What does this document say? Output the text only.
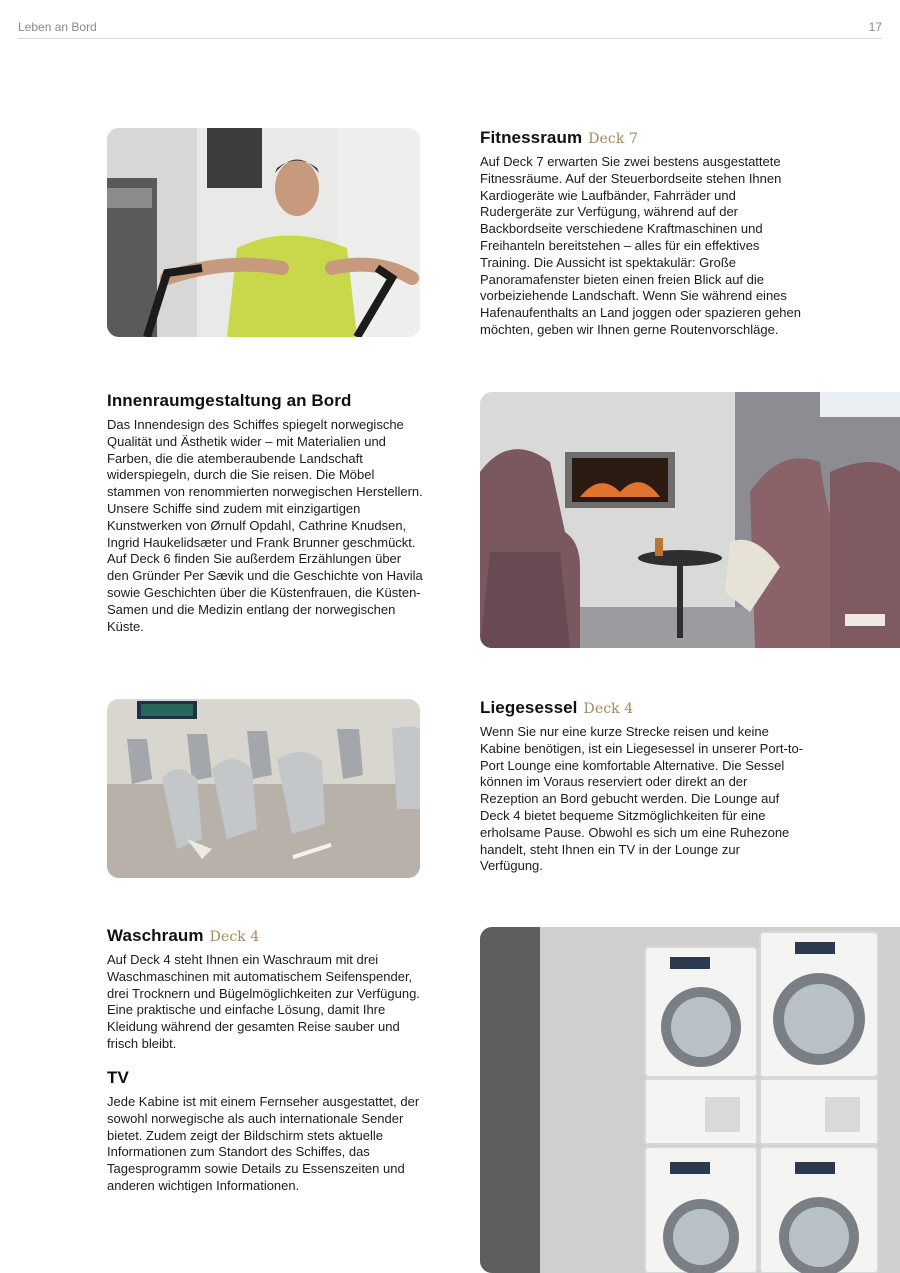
Leben an Bord	17
Fitnessraum Deck 7

Auf Deck 7 erwarten Sie zwei bestens ausgestattete Fitnessräume. Auf der Steuerbordseite stehen Ihnen Kardiogeräte wie Laufbänder, Fahrräder und Rudergeräte zur Verfügung, während auf der Backbordseite verschiedene Kraftmaschinen und Freihanteln bereitstehen – alles für ein effektives Training. Die Aussicht ist spektakulär: Große Panoramafenster bieten einen freien Blick auf die vorbeiziehende Landschaft. Wenn Sie während eines Hafenaufenthalts an Land joggen oder spazieren gehen möchten, geben wir Ihnen gerne Routenvorschläge.

Innenraumgestaltung an Bord

Das Innendesign des Schiffes spiegelt norwegische Qualität und Ästhetik wider – mit Materialien und Farben, die die atemberaubende Landschaft widerspiegeln, durch die Sie reisen. Die Möbel stammen von renommierten norwegischen Herstellern. Unsere Schiffe sind zudem mit einzigartigen Kunstwerken von Ørnulf Opdahl, Cathrine Knudsen, Ingrid Haukelidsæter und Frank Brunner geschmückt. Auf Deck 6 finden Sie außerdem Erzählungen über den Gründer Per Sævik und die Geschichte von Havila sowie Geschichten über die Küstenfrauen, die Küsten-Samen und die Medizin entlang der norwegischen Küste.

Liegesessel Deck 4

Wenn Sie nur eine kurze Strecke reisen und keine Kabine benötigen, ist ein Liegesessel in unserer Port-to-Port Lounge eine komfortable Alternative. Die Sessel können im Voraus reserviert oder direkt an der Rezeption an Bord gebucht werden. Die Lounge auf Deck 4 bietet bequeme Sitzmöglichkeiten für eine erholsame Pause. Obwohl es sich um eine Ruhezone handelt, steht Ihnen ein TV in der Lounge zur Verfügung.

Waschraum Deck 4

Auf Deck 4 steht Ihnen ein Waschraum mit drei Waschmaschinen mit automatischem Seifenspender, drei Trocknern und Bügelmöglichkeiten zur Verfügung. Eine praktische und einfache Lösung, damit Ihre Kleidung während der gesamten Reise sauber und frisch bleibt.

TV

Jede Kabine ist mit einem Fernseher ausgestattet, der sowohl norwegische als auch internationale Sender bietet. Zudem zeigt der Bildschirm stets aktuelle Informationen zum Standort des Schiffes, das Tagesprogramm sowie Details zu Essenszeiten und anderen wichtigen Informationen.
